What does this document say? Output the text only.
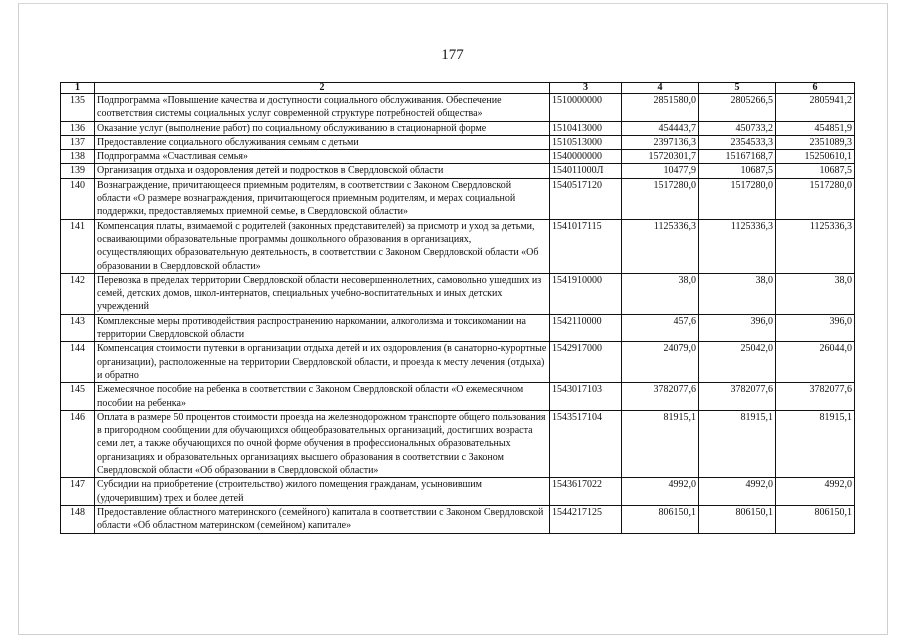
177
1	2	3	4	5	6
135	Подпрограмма «Повышение качества и доступности социального обслуживания. Обеспечение соответствия системы социальных услуг современной структуре потребностей общества»	1510000000	2851580,0	2805266,5	2805941,2
136	Оказание услуг (выполнение работ) по социальному обслуживанию в стационарной форме	1510413000	454443,7	450733,2	454851,9
137	Предоставление социального обслуживания семьям с детьми	1510513000	2397136,3	2354533,3	2351089,3
138	Подпрограмма «Счастливая семья»	1540000000	15720301,7	15167168,7	15250610,1
139	Организация отдыха и оздоровления детей и подростков в Свердловской области	154011000Л	10477,9	10687,5	10687,5
140	Вознаграждение, причитающееся приемным родителям, в соответствии с Законом Свердловской области «О размере вознаграждения, причитающегося приемным родителям, и мерах социальной поддержки, предоставляемых приемной семье, в Свердловской области»	1540517120	1517280,0	1517280,0	1517280,0
141	Компенсация платы, взимаемой с родителей (законных представителей) за присмотр и уход за детьми, осваивающими образовательные программы дошкольного образования в организациях, осуществляющих образовательную деятельность, в соответствии с Законом Свердловской области «Об образовании в Свердловской области»	1541017115	1125336,3	1125336,3	1125336,3
142	Перевозка в пределах территории Свердловской области несовершеннолетних, самовольно ушедших из семей, детских домов, школ-интернатов, специальных учебно-воспитательных и иных детских учреждений	1541910000	38,0	38,0	38,0
143	Комплексные меры противодействия распространению наркомании, алкоголизма и токсикомании на территории Свердловской области	1542110000	457,6	396,0	396,0
144	Компенсация стоимости путевки в организации отдыха детей и их оздоровления (в санаторно-курортные организации), расположенные на территории Свердловской области, и проезда к месту лечения (отдыха) и обратно	1542917000	24079,0	25042,0	26044,0
145	Ежемесячное пособие на ребенка в соответствии с Законом Свердловской области «О ежемесячном пособии на ребенка»	1543017103	3782077,6	3782077,6	3782077,6
146	Оплата в размере 50 процентов стоимости проезда на железнодорожном транспорте общего пользования в пригородном сообщении для обучающихся общеобразовательных организаций, достигших возраста семи лет, а также обучающихся по очной форме обучения в профессиональных образовательных организациях и образовательных организациях высшего образования в соответствии с Законом Свердловской области «Об образовании в Свердловской области»	1543517104	81915,1	81915,1	81915,1
147	Субсидии на приобретение (строительство) жилого помещения гражданам, усыновившим (удочерившим) трех и более детей	1543617022	4992,0	4992,0	4992,0
148	Предоставление областного материнского (семейного) капитала в соответствии с Законом Свердловской области «Об областном материнском (семейном) капитале»	1544217125	806150,1	806150,1	806150,1
